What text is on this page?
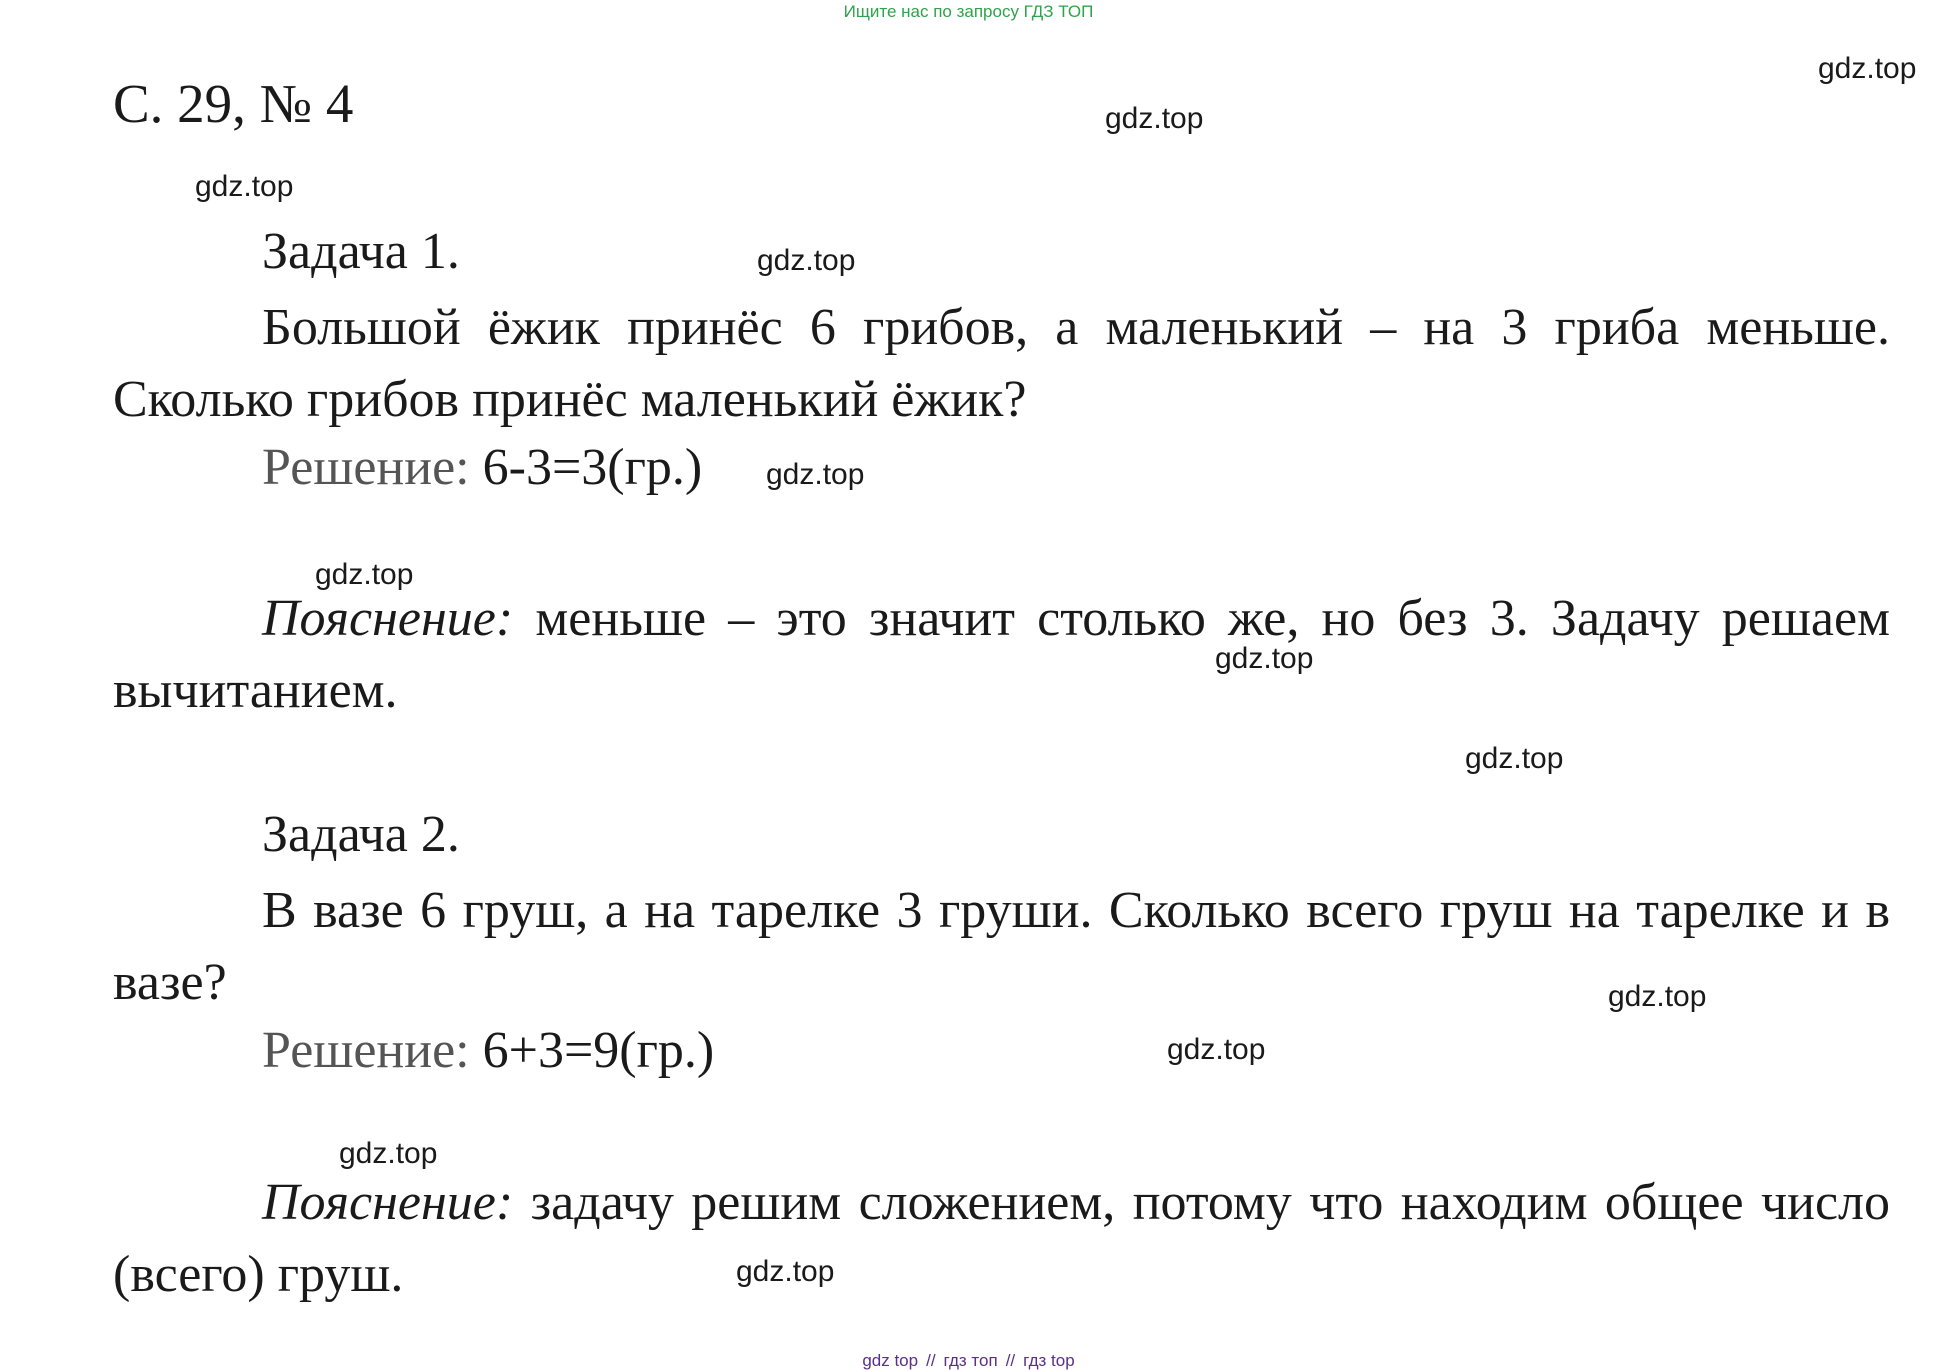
Ищите нас по запросу ГДЗ ТОП
С. 29, № 4
gdz.top
gdz.top
gdz.top
gdz.top
gdz.top
gdz.top
gdz.top
gdz.top
gdz.top
gdz.top
gdz.top
gdz.top
Задача 1.
Большой ёжик принёс 6 грибов, а маленький – на 3 гриба меньше. Сколько грибов принёс маленький ёжик?
Решение: 6-3=3(гр.)
Пояснение: меньше – это значит столько же, но без 3. Задачу решаем вычитанием.
Задача 2.
В вазе 6 груш, а на тарелке 3 груши. Сколько всего груш на тарелке и в вазе?
Решение: 6+3=9(гр.)
Пояснение: задачу решим сложением, потому что находим общее число (всего) груш.
gdz top // гдз топ // гдз top
